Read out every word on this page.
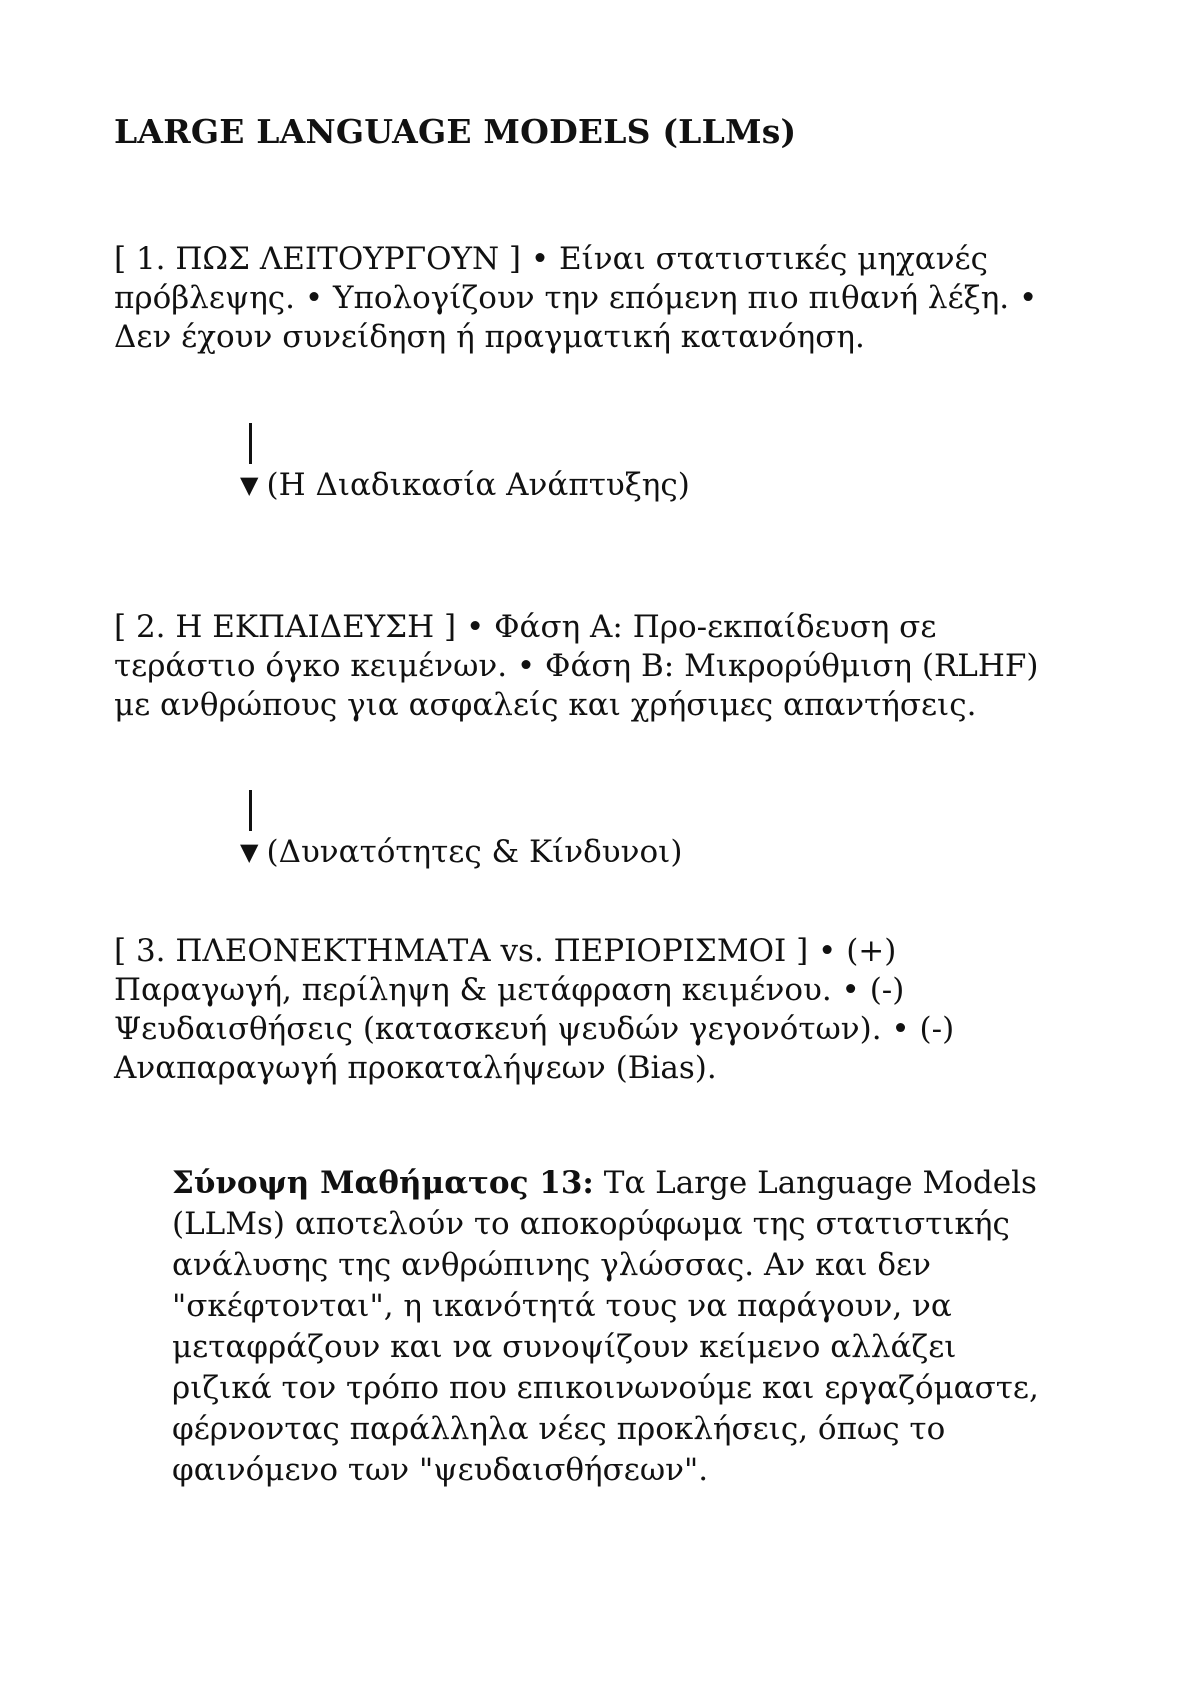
LARGE LANGUAGE MODELS (LLMs)

[ 1. ΠΩΣ ΛΕΙΤΟΥΡΓΟΥΝ ] • Είναι στατιστικές μηχανές πρόβλεψης. • Υπολογίζουν την επόμενη πιο πιθανή λέξη. • Δεν έχουν συνείδηση ή πραγματική κατανόηση.

▼ (Η Διαδικασία Ανάπτυξης)

[ 2. Η ΕΚΠΑΙΔΕΥΣΗ ] • Φάση Α: Προ-εκπαίδευση σε τεράστιο όγκο κειμένων. • Φάση Β: Μικρορύθμιση (RLHF) με ανθρώπους για ασφαλείς και χρήσιμες απαντήσεις.

▼ (Δυνατότητες & Κίνδυνοι)

[ 3. ΠΛΕΟΝΕΚΤΗΜΑΤΑ vs. ΠΕΡΙΟΡΙΣΜΟΙ ] • (+) Παραγωγή, περίληψη & μετάφραση κειμένου. • (-) Ψευδαισθήσεις (κατασκευή ψευδών γεγονότων). • (-) Αναπαραγωγή προκαταλήψεων (Bias).

Σύνοψη Μαθήματος 13: Τα Large Language Models (LLMs) αποτελούν το αποκορύφωμα της στατιστικής ανάλυσης της ανθρώπινης γλώσσας. Αν και δεν "σκέφτονται", η ικανότητά τους να παράγουν, να μεταφράζουν και να συνοψίζουν κείμενο αλλάζει ριζικά τον τρόπο που επικοινωνούμε και εργαζόμαστε, φέρνοντας παράλληλα νέες προκλήσεις, όπως το φαινόμενο των "ψευδαισθήσεων".
